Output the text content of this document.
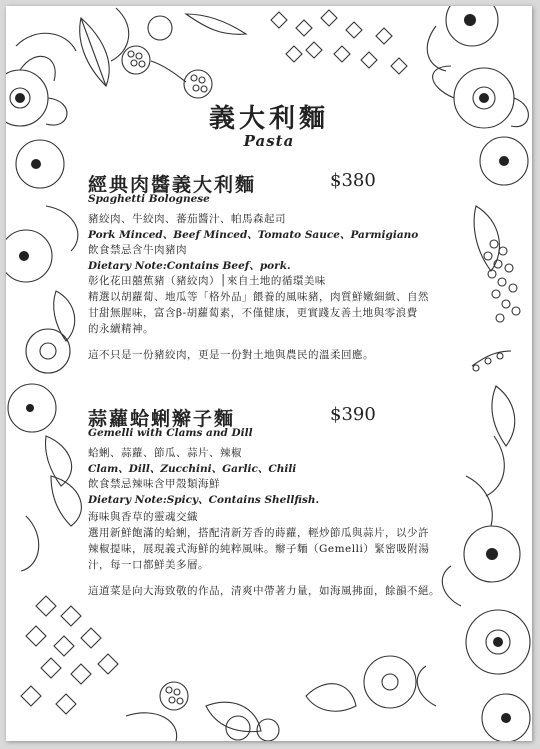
義大利麵

Pasta

經典肉醬義大利麵	$380

Spaghetti Bolognese

豬絞肉、牛絞肉、蕃茄醬汁、帕馬森起司

Pork Minced、Beef Minced、Tomato Sauce、Parmigiano

飲食禁忌含牛肉豬肉

Dietary Note:Contains Beef、pork.

彰化花田囍蕉豬（豬絞肉）│來自土地的循環美味

精選以胡蘿蔔、地瓜等「格外品」餵養的風味豬，肉質鮮嫩細緻、自然

甘甜無腥味，富含β-胡蘿蔔素，不僅健康，更實踐友善土地與零浪費

的永續精神。

這不只是一份豬絞肉，更是一份對土地與農民的溫柔回應。

蒜蘿蛤蜊辮子麵	$390

Gemelli with Clams and Dill

蛤蜊、蒜蘿、節瓜、蒜片、辣椒

Clam、Dill、Zucchini、Garlic、Chili

飲食禁忌辣味含甲殼類海鮮

Dietary Note:Spicy、Contains Shellfish.

海味與香草的靈魂交織

選用新鮮飽滿的蛤蜊，搭配清新芳香的蒔蘿，輕炒節瓜與蒜片，以少許

辣椒提味，展現義式海鮮的純粹風味。辮子麵（Gemelli）緊密吸附湯

汁，每一口都鮮美多層。

這道菜是向大海致敬的作品，清爽中帶著力量，如海風拂面，餘韻不絕。
